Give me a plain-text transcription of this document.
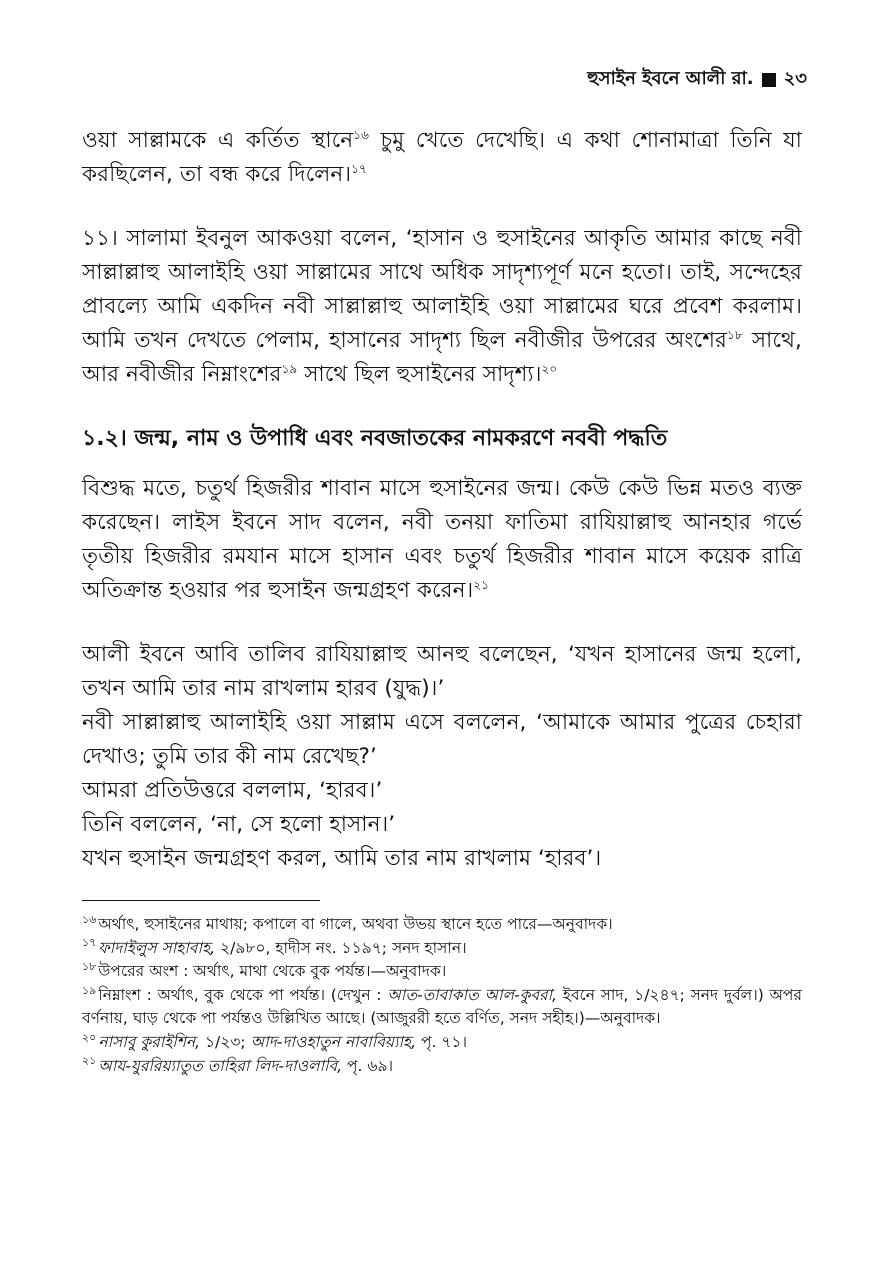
হুসাইন ইবনে আলী রা. ২৩

ওয়া সাল্লামকে এ কর্তিত স্থানে$^{১৬}$ চুমু খেতে দেখেছি। এ কথা শোনামাত্রা তিনি যা করছিলেন, তা বন্ধ করে দিলেন।$^{১৭}$

১১। সালামা ইবনুল আকওয়া বলেন, ‘হাসান ও হুসাইনের আকৃতি আমার কাছে নবী সাল্লাল্লাহু আলাইহি ওয়া সাল্লামের সাথে অধিক সাদৃশ্যপূর্ণ মনে হতো। তাই, সন্দেহের প্রাবল্যে আমি একদিন নবী সাল্লাল্লাহু আলাইহি ওয়া সাল্লামের ঘরে প্রবেশ করলাম। আমি তখন দেখতে পেলাম, হাসানের সাদৃশ্য ছিল নবীজীর উপরের অংশের$^{১৮}$ সাথে, আর নবীজীর নিম্নাংশের$^{১৯}$ সাথে ছিল হুসাইনের সাদৃশ্য।$^{২০}$

১.২। জন্ম, নাম ও উপাধি এবং নবজাতকের নামকরণে নববী পদ্ধতি

বিশুদ্ধ মতে, চতুর্থ হিজরীর শাবান মাসে হুসাইনের জন্ম। কেউ কেউ ভিন্ন মতও ব্যক্ত করেছেন। লাইস ইবনে সাদ বলেন, নবী তনয়া ফাতিমা রাযিয়াল্লাহু আনহার গর্ভে তৃতীয় হিজরীর রমযান মাসে হাসান এবং চতুর্থ হিজরীর শাবান মাসে কয়েক রাত্রি অতিক্রান্ত হওয়ার পর হুসাইন জন্মগ্রহণ করেন।$^{২১}$

আলী ইবনে আবি তালিব রাযিয়াল্লাহু আনহু বলেছেন, ‘যখন হাসানের জন্ম হলো, তখন আমি তার নাম রাখলাম হারব (যুদ্ধ)।’

নবী সাল্লাল্লাহু আলাইহি ওয়া সাল্লাম এসে বললেন, ‘আমাকে আমার পুত্রের চেহারা দেখাও; তুমি তার কী নাম রেখেছ?’

আমরা প্রতিউত্তরে বললাম, ‘হারব।’

তিনি বললেন, ‘না, সে হলো হাসান।’

যখন হুসাইন জন্মগ্রহণ করল, আমি তার নাম রাখলাম ‘হারব’।

$^{১৬}$ অর্থাৎ, হুসাইনের মাথায়; কপালে বা গালে, অথবা উভয় স্থানে হতে পারে—অনুবাদক।
$^{১৭}$ ফাদাইলুস সাহাবাহ, ২/৯৮০, হাদীস নং. ১১৯৭; সনদ হাসান।
$^{১৮}$ উপরের অংশ : অর্থাৎ, মাথা থেকে বুক পর্যন্ত।—অনুবাদক।
$^{১৯}$ নিম্নাংশ : অর্থাৎ, বুক থেকে পা পর্যন্ত। (দেখুন : আত-তাবাকাত আল-কুবরা, ইবনে সাদ, ১/২৪৭; সনদ দুর্বল।) অপর বর্ণনায়, ঘাড় থেকে পা পর্যন্তও উল্লিখিত আছে। (আজুররী হতে বর্ণিত, সনদ সহীহ।)—অনুবাদক।
$^{২০}$ নাসাবু কুরাইশিন, ১/২৩; আদ-দাওহাতুন নাবাবিয়্যাহ, পৃ. ৭১।
$^{২১}$ আয-যুররিয়্যাতুত তাহিরা লিদ-দাওলাবি, পৃ. ৬৯।
